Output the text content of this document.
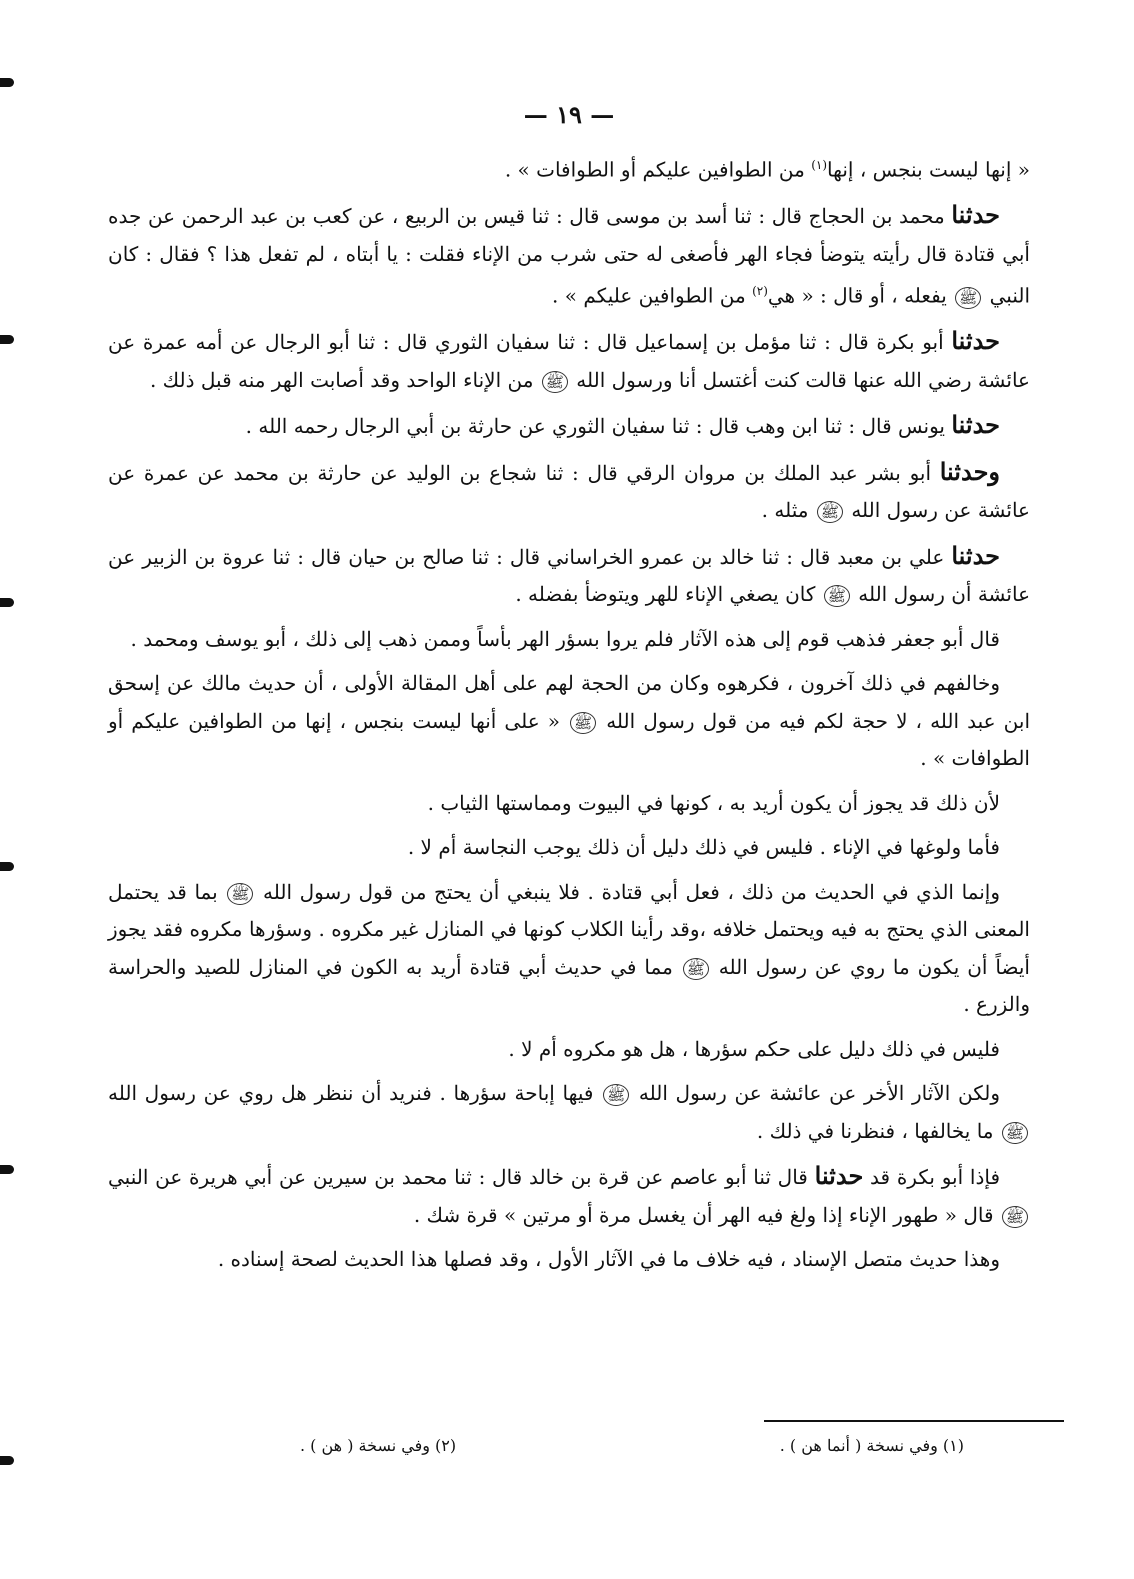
— ١٩ —

« إنها ليست بنجس ، إنها$^{(١)}$ من الطوافين عليكم أو الطوافات » .

حدثنا محمد بن الحجاج قال : ثنا أسد بن موسى قال : ثنا قيس بن الربيع ، عن كعب بن عبد الرحمن عن جده أبي قتادة قال رأيته يتوضأ فجاء الهر فأصغى له حتى شرب من الإناء فقلت : يا أبتاه ، لم تفعل هذا ؟ فقال : كان النبي ﷺ يفعله ، أو قال : « هي$^{(٢)}$ من الطوافين عليكم » .

حدثنا أبو بكرة قال : ثنا مؤمل بن إسماعيل قال : ثنا سفيان الثوري قال : ثنا أبو الرجال عن أمه عمرة عن عائشة رضي الله عنها قالت كنت أغتسل أنا ورسول الله ﷺ من الإناء الواحد وقد أصابت الهر منه قبل ذلك .

حدثنا يونس قال : ثنا ابن وهب قال : ثنا سفيان الثوري عن حارثة بن أبي الرجال رحمه الله .

وحدثنا أبو بشر عبد الملك بن مروان الرقي قال : ثنا شجاع بن الوليد عن حارثة بن محمد عن عمرة عن عائشة عن رسول الله ﷺ مثله .

حدثنا علي بن معبد قال : ثنا خالد بن عمرو الخراساني قال : ثنا صالح بن حيان قال : ثنا عروة بن الزبير عن عائشة أن رسول الله ﷺ كان يصغي الإناء للهر ويتوضأ بفضله .

قال أبو جعفر فذهب قوم إلى هذه الآثار فلم يروا بسؤر الهر بأساً وممن ذهب إلى ذلك ، أبو يوسف ومحمد .

وخالفهم في ذلك آخرون ، فكرهوه وكان من الحجة لهم على أهل المقالة الأولى ، أن حديث مالك عن إسحق ابن عبد الله ، لا حجة لكم فيه من قول رسول الله ﷺ « على أنها ليست بنجس ، إنها من الطوافين عليكم أو الطوافات » .

لأن ذلك قد يجوز أن يكون أريد به ، كونها في البيوت ومماستها الثياب .

فأما ولوغها في الإناء . فليس في ذلك دليل أن ذلك يوجب النجاسة أم لا .

وإنما الذي في الحديث من ذلك ، فعل أبي قتادة . فلا ينبغي أن يحتج من قول رسول الله ﷺ بما قد يحتمل المعنى الذي يحتج به فيه ويحتمل خلافه ،وقد رأينا الكلاب كونها في المنازل غير مكروه . وسؤرها مكروه فقد يجوز أيضاً أن يكون ما روي عن رسول الله ﷺ مما في حديث أبي قتادة أريد به الكون في المنازل للصيد والحراسة والزرع .

فليس في ذلك دليل على حكم سؤرها ، هل هو مكروه أم لا .

ولكن الآثار الأخر عن عائشة عن رسول الله ﷺ فيها إباحة سؤرها . فنريد أن ننظر هل روي عن رسول الله ﷺ ما يخالفها ، فنظرنا في ذلك .

فإذا أبو بكرة قد حدثنا قال ثنا أبو عاصم عن قرة بن خالد قال : ثنا محمد بن سيرين عن أبي هريرة عن النبي ﷺ قال « طهور الإناء إذا ولغ فيه الهر أن يغسل مرة أو مرتين » قرة شك .

وهذا حديث متصل الإسناد ، فيه خلاف ما في الآثار الأول ، وقد فصلها هذا الحديث لصحة إسناده .

(١) وفي نسخة ( أنما هن ) .
(٢) وفي نسخة ( هن ) .
